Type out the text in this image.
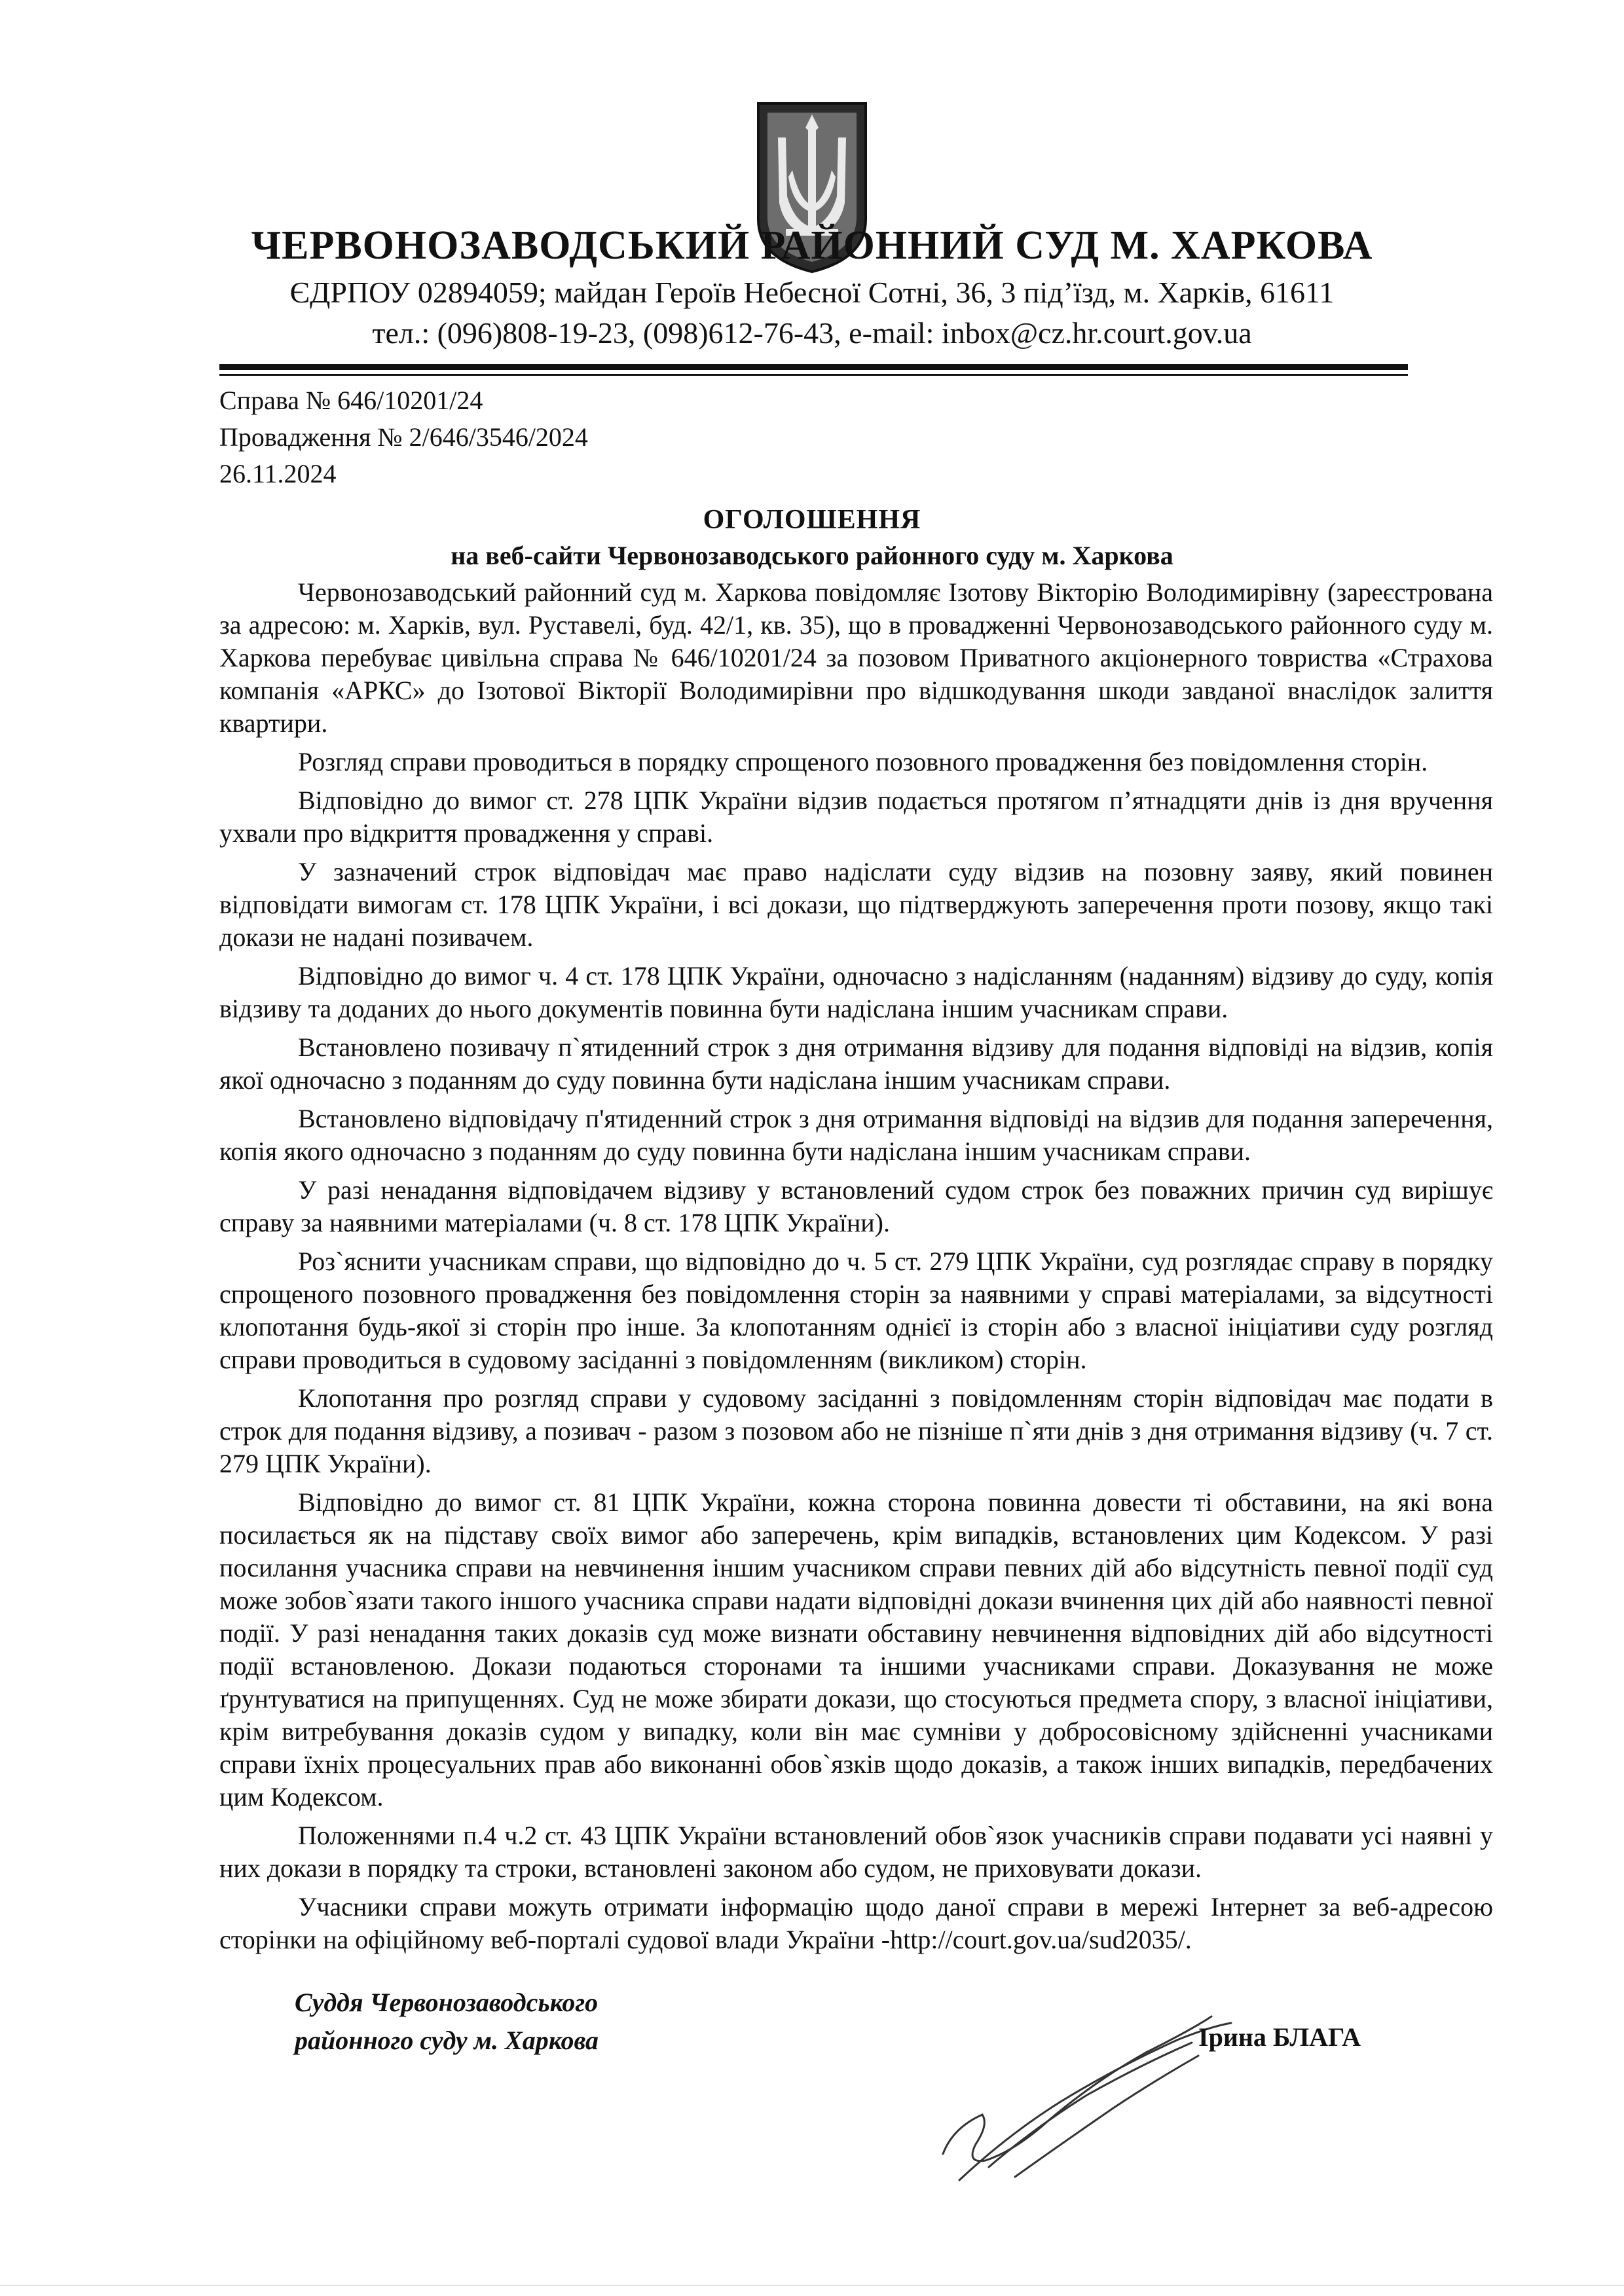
ЧЕРВОНОЗАВОДСЬКИЙ РАЙОННИЙ СУД М. ХАРКОВА
ЄДРПОУ 02894059; майдан Героїв Небесної Сотні, 36, 3 під’їзд, м. Харків, 61611
тел.: (096)808-19-23, (098)612-76-43, e-mail: inbox@cz.hr.court.gov.ua
Справа № 646/10201/24
Провадження № 2/646/3546/2024
26.11.2024
ОГОЛОШЕННЯ
на веб-сайти Червонозаводського районного суду м. Харкова

Червонозаводський районний суд м. Харкова повідомляє Ізотову Вікторію Володимирівну (зареєстрована за адресою: м. Харків, вул. Руставелі, буд. 42/1, кв. 35), що в провадженні Червонозаводського районного суду м. Харкова перебуває цивільна справа № 646/10201/24 за позовом Приватного акціонерного товриства «Страхова компанія «АРКС» до Ізотової Вікторії Володимирівни про відшкодування шкоди завданої внаслідок залиття квартири.

Розгляд справи проводиться в порядку спрощеного позовного провадження без повідомлення сторін.

Відповідно до вимог ст. 278 ЦПК України відзив подається протягом п’ятнадцяти днів із дня вручення ухвали про відкриття провадження у справі.

У зазначений строк відповідач має право надіслати суду відзив на позовну заяву, який повинен відповідати вимогам ст. 178 ЦПК України, і всі докази, що підтверджують заперечення проти позову, якщо такі докази не надані позивачем.

Відповідно до вимог ч. 4 ст. 178 ЦПК України, одночасно з надісланням (наданням) відзиву до суду, копія відзиву та доданих до нього документів повинна бути надіслана іншим учасникам справи.

Встановлено позивачу п`ятиденний строк з дня отримання відзиву для подання відповіді на відзив, копія якої одночасно з поданням до суду повинна бути надіслана іншим учасникам справи.

Встановлено відповідачу п'ятиденний строк з дня отримання відповіді на відзив для подання заперечення, копія якого одночасно з поданням до суду повинна бути надіслана іншим учасникам справи.

У разі ненадання відповідачем відзиву у встановлений судом строк без поважних причин суд вирішує справу за наявними матеріалами (ч. 8 ст. 178 ЦПК України).

Роз`яснити учасникам справи, що відповідно до ч. 5 ст. 279 ЦПК України, суд розглядає справу в порядку спрощеного позовного провадження без повідомлення сторін за наявними у справі матеріалами, за відсутності клопотання будь-якої зі сторін про інше. За клопотанням однієї із сторін або з власної ініціативи суду розгляд справи проводиться в судовому засіданні з повідомленням (викликом) сторін.

Клопотання про розгляд справи у судовому засіданні з повідомленням сторін відповідач має подати в строк для подання відзиву, а позивач - разом з позовом або не пізніше п`яти днів з дня отримання відзиву (ч. 7 ст. 279 ЦПК України).

Відповідно до вимог ст. 81 ЦПК України, кожна сторона повинна довести ті обставини, на які вона посилається як на підставу своїх вимог або заперечень, крім випадків, встановлених цим Кодексом. У разі посилання учасника справи на невчинення іншим учасником справи певних дій або відсутність певної події суд може зобов`язати такого іншого учасника справи надати відповідні докази вчинення цих дій або наявності певної події. У разі ненадання таких доказів суд може визнати обставину невчинення відповідних дій або відсутності події встановленою. Докази подаються сторонами та іншими учасниками справи. Доказування не може ґрунтуватися на припущеннях. Суд не може збирати докази, що стосуються предмета спору, з власної ініціативи, крім витребування доказів судом у випадку, коли він має сумніви у добросовісному здійсненні учасниками справи їхніх процесуальних прав або виконанні обов`язків щодо доказів, а також інших випадків, передбачених цим Кодексом.

Положеннями п.4 ч.2 ст. 43 ЦПК України встановлений обов`язок учасників справи подавати усі наявні у них докази в порядку та строки, встановлені законом або судом, не приховувати докази.

Учасники справи можуть отримати інформацію щодо даної справи в мережі Інтернет за веб-адресою сторінки на офіційному веб-порталі судової влади України -http://court.gov.ua/sud2035/.

Суддя Червонозаводського
районного суду м. Харкова	Ірина БЛАГА
